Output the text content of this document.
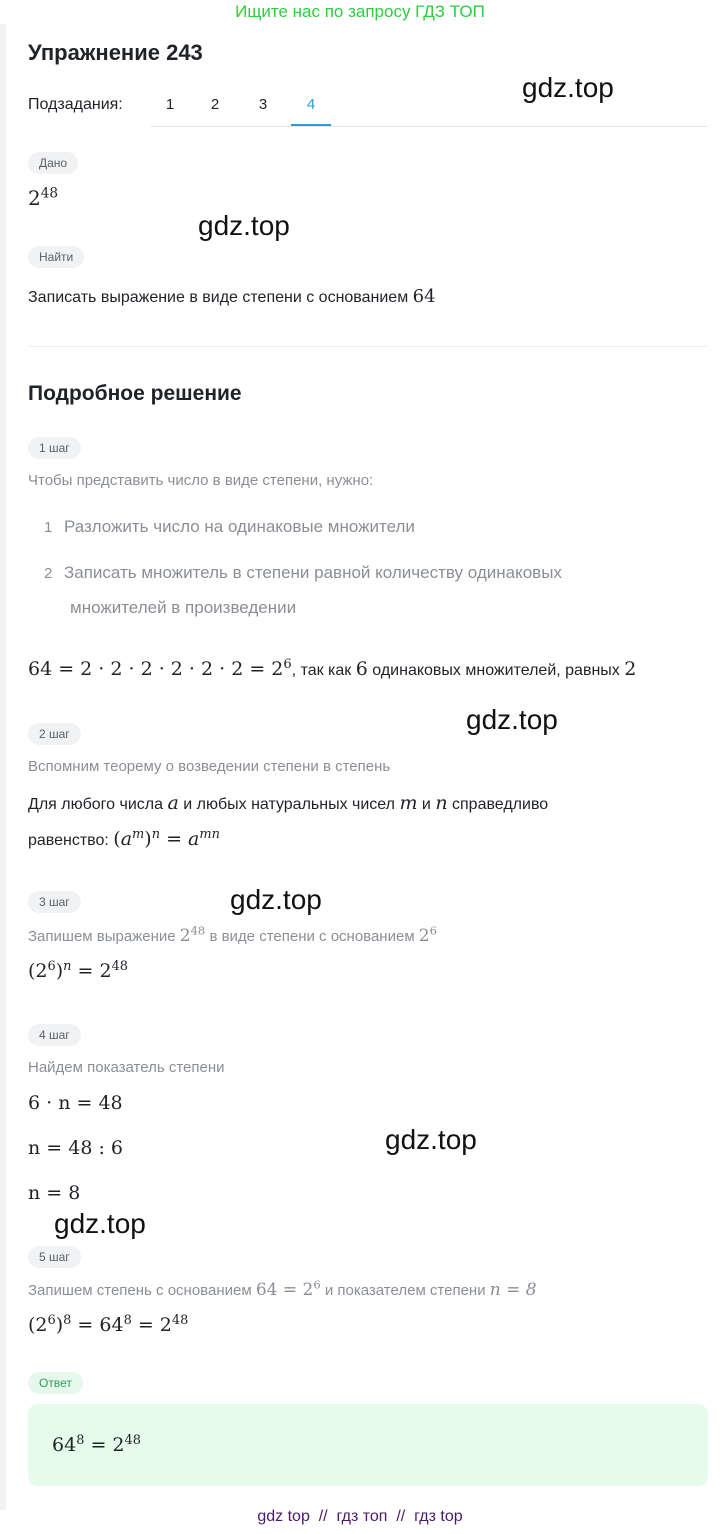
Ищите нас по запросу ГДЗ ТОП
Упражнение 243
Подзадания:	1	2	3	4
gdz.top
gdz.top
gdz.top
gdz.top
gdz.top
gdz.top
Дано
$2^{48}$
Найти
Записать выражение в виде степени с основанием 64
Подробное решение
1 шаг
Чтобы представить число в виде степени, нужно:
1 Разложить число на одинаковые множители
2 Записать множитель в степени равной количеству одинаковых
множителей в произведении
$64 = 2 \cdot 2 \cdot 2 \cdot 2 \cdot 2 \cdot 2 = 2^6$, так как 6 одинаковых множителей, равных 2
2 шаг
Вспомним теорему о возведении степени в степень
Для любого числа a и любых натуральных чисел m и n справедливо
равенство: $(a^m)^n = a^{mn}$
3 шаг
Запишем выражение $2^{48}$ в виде степени с основанием $2^6$
$(2^6)^n = 2^{48}$
4 шаг
Найдем показатель степени
6 · n = 48
n = 48 : 6
n = 8
5 шаг
Запишем степень с основанием $64 = 2^6$ и показателем степени n = 8
$(2^6)^8 = 64^8 = 2^{48}$
Ответ
$64^8 = 2^{48}$
gdz top // гдз топ // гдз top
